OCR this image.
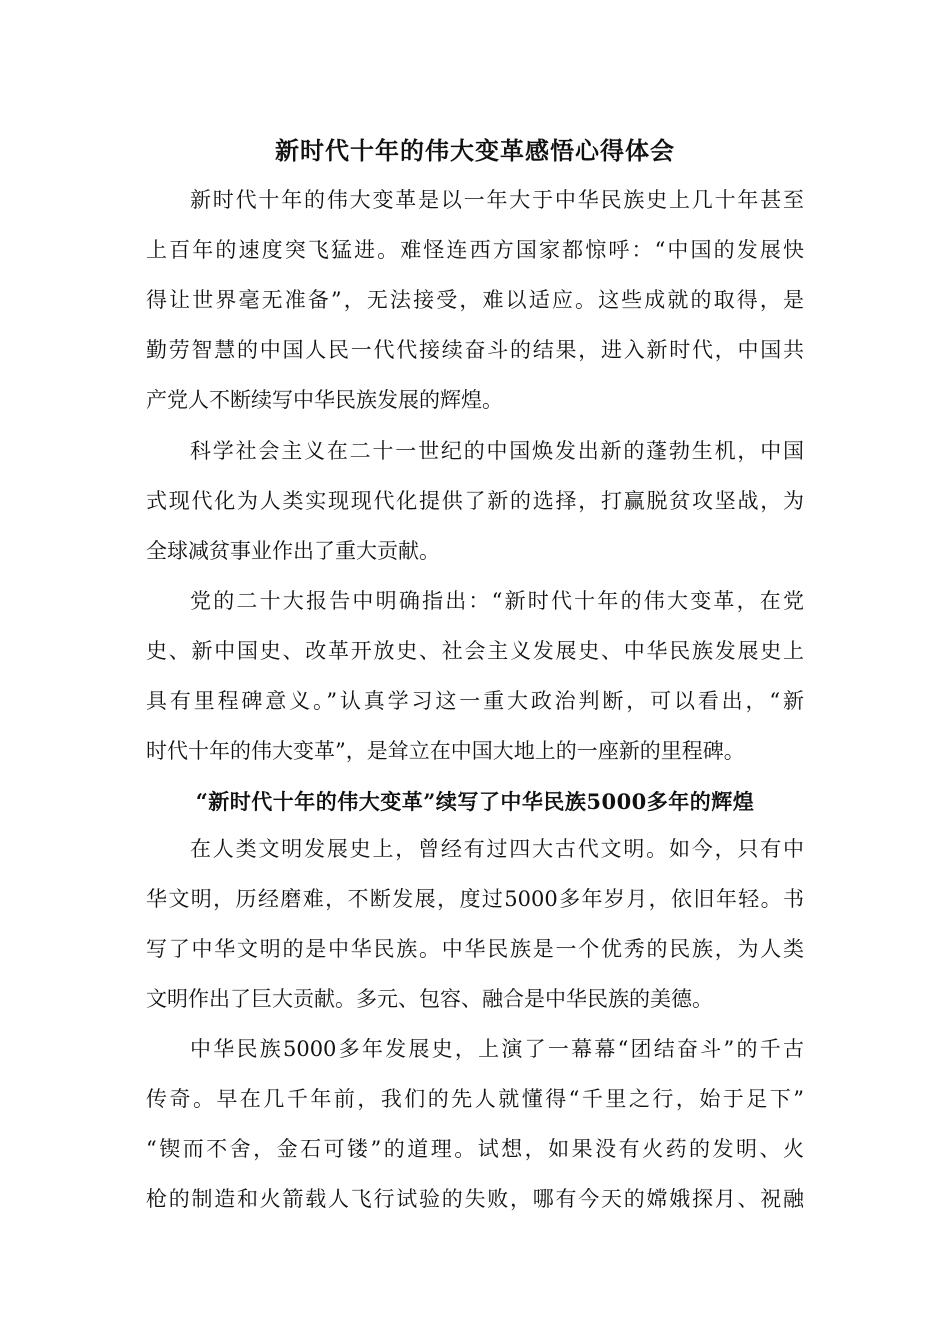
新时代十年的伟大变革感悟心得体会
新时代十年的伟大变革是以一年大于中华民族史上几十年甚至
上百年的速度突飞猛进。难怪连西方国家都惊呼：“中国的发展快
得让世界毫无准备”，无法接受，难以适应。这些成就的取得，是
勤劳智慧的中国人民一代代接续奋斗的结果，进入新时代，中国共
产党人不断续写中华民族发展的辉煌。
科学社会主义在二十一世纪的中国焕发出新的蓬勃生机，中国
式现代化为人类实现现代化提供了新的选择，打赢脱贫攻坚战，为
全球减贫事业作出了重大贡献。
党的二十大报告中明确指出：“新时代十年的伟大变革，在党
史、新中国史、改革开放史、社会主义发展史、中华民族发展史上
具有里程碑意义。”认真学习这一重大政治判断，可以看出，“新
时代十年的伟大变革”，是耸立在中国大地上的一座新的里程碑。
“新时代十年的伟大变革”续写了中华民族5000多年的辉煌
在人类文明发展史上，曾经有过四大古代文明。如今，只有中
华文明，历经磨难，不断发展，度过5000多年岁月，依旧年轻。书
写了中华文明的是中华民族。中华民族是一个优秀的民族，为人类
文明作出了巨大贡献。多元、包容、融合是中华民族的美德。
中华民族5000多年发展史，上演了一幕幕“团结奋斗”的千古
传奇。早在几千年前，我们的先人就懂得“千里之行，始于足下”
“锲而不舍，金石可镂”的道理。试想，如果没有火药的发明、火
枪的制造和火箭载人飞行试验的失败，哪有今天的嫦娥探月、祝融
